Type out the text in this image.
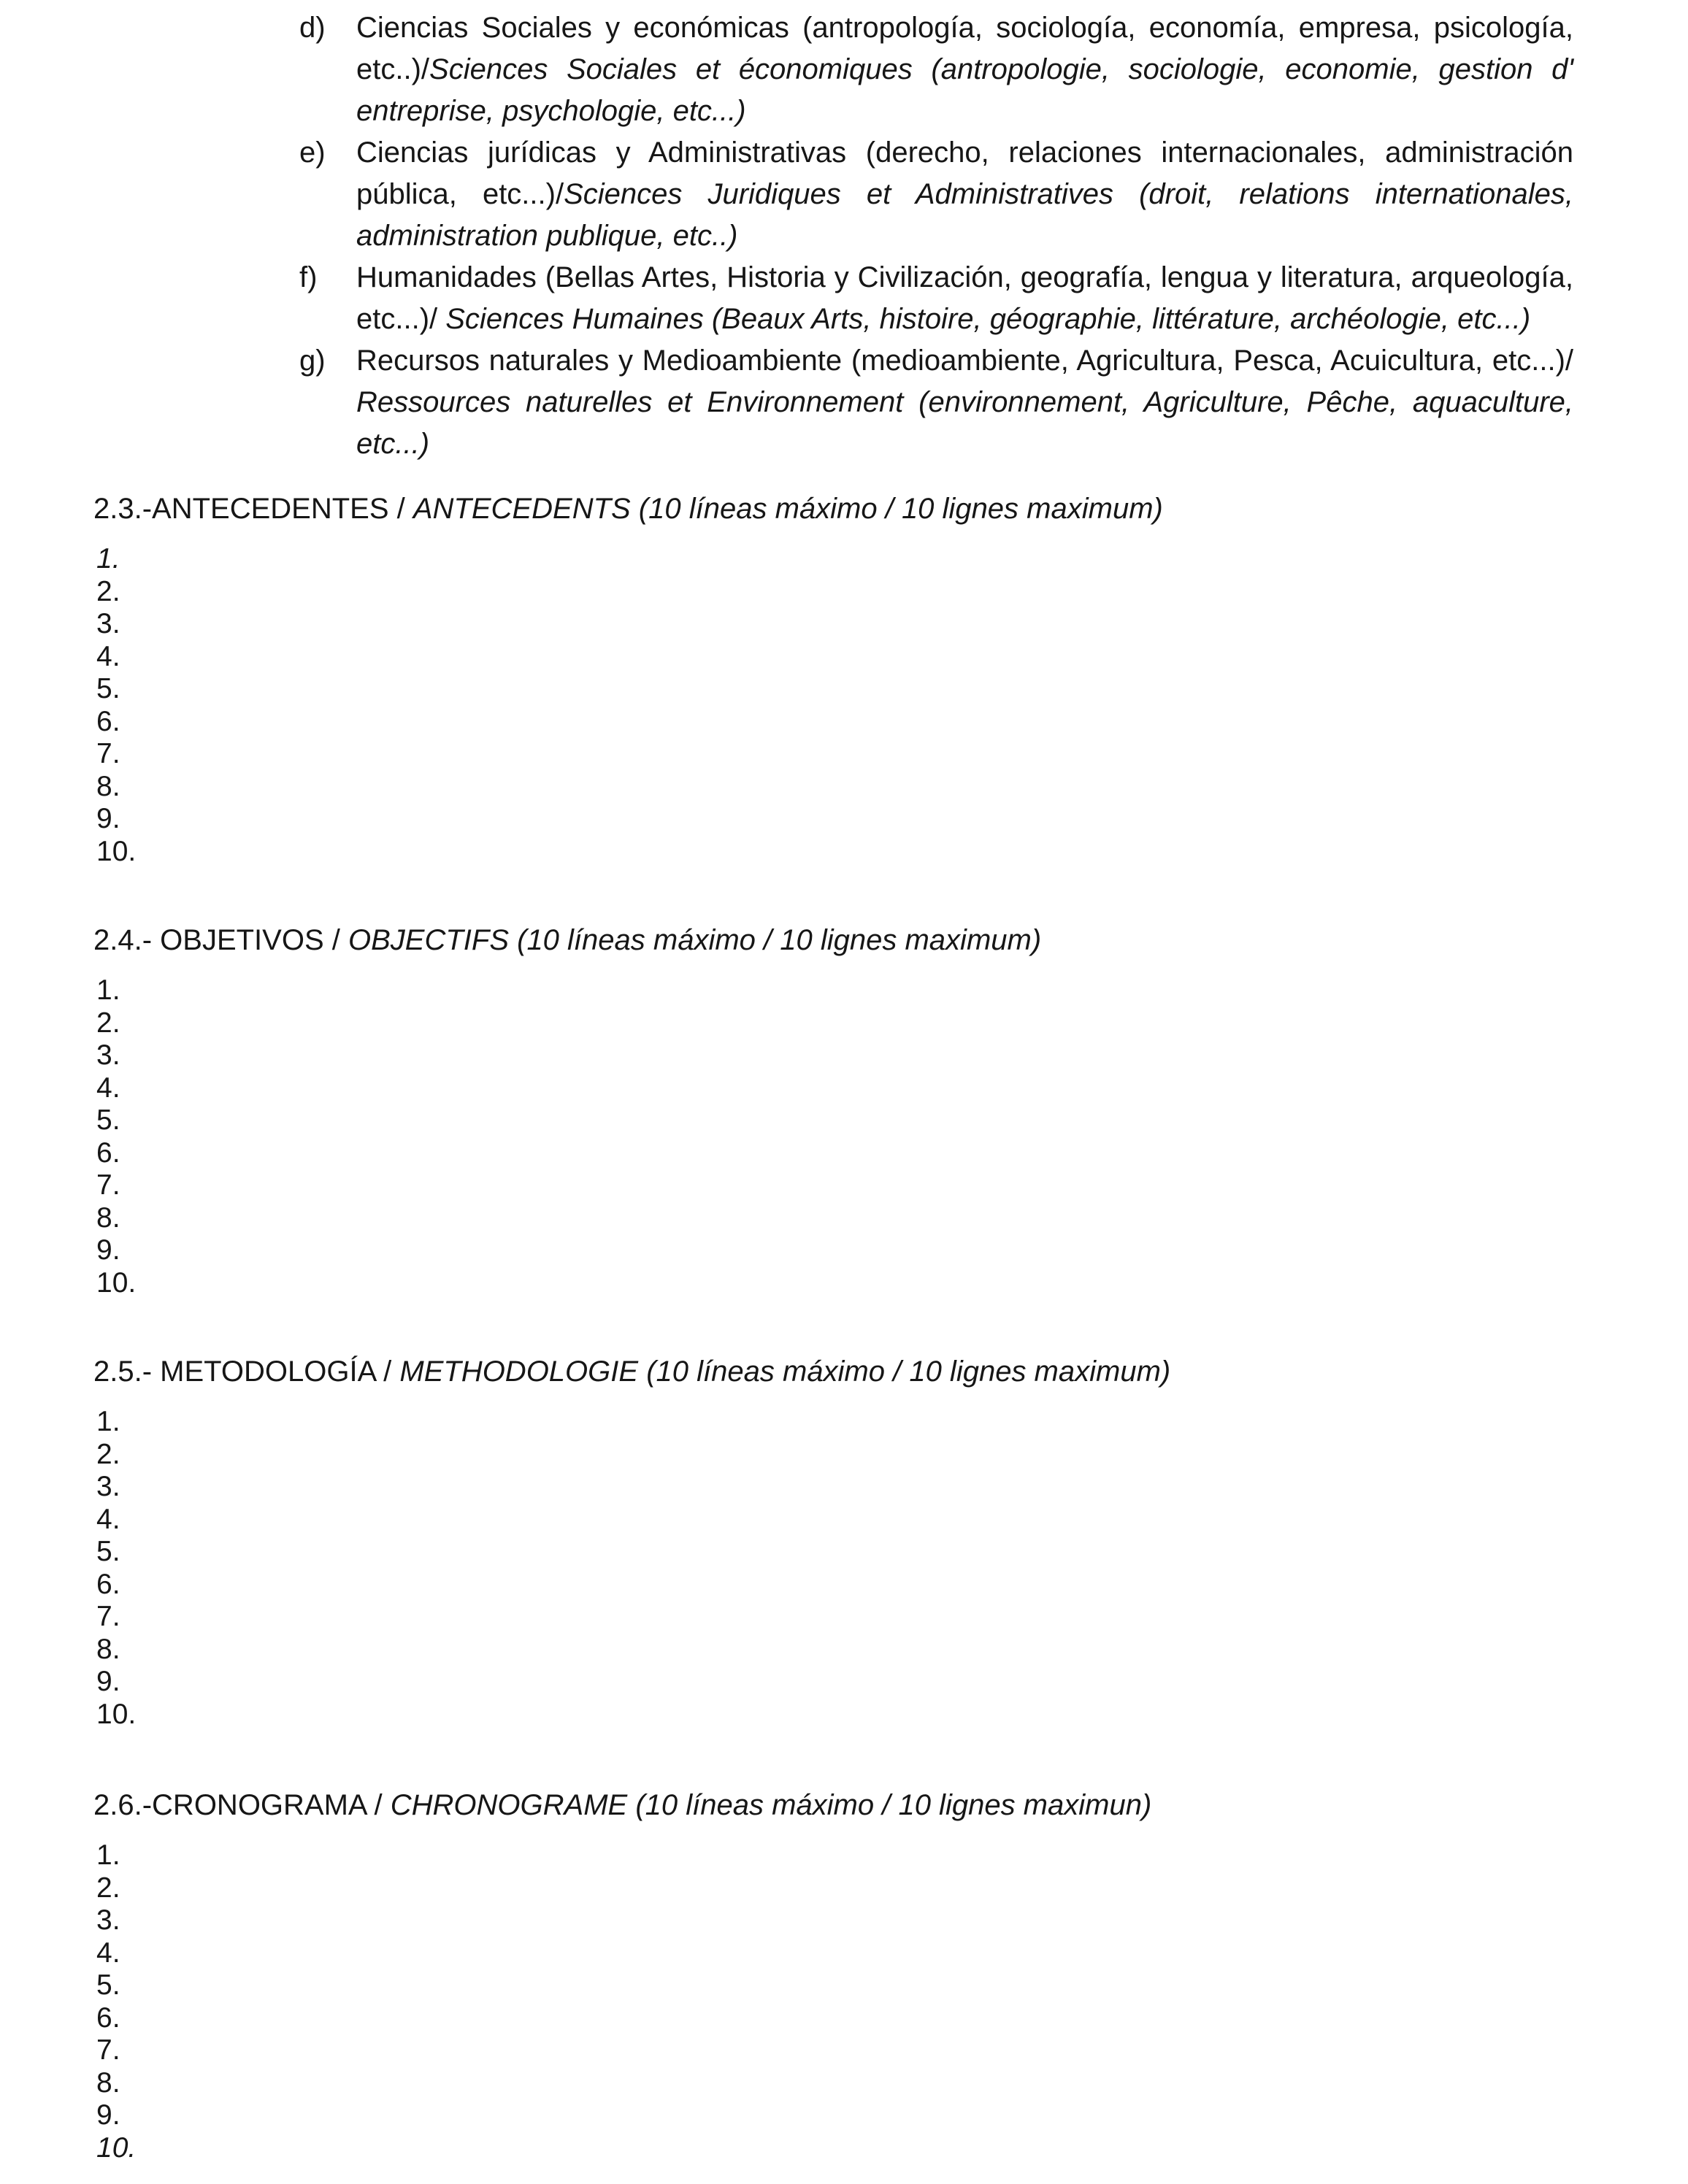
d) Ciencias Sociales y económicas (antropología, sociología, economía, empresa, psicología, etc..)/Sciences Sociales et économiques (antropologie, sociologie, economie, gestion d' entreprise, psychologie, etc...)
e) Ciencias jurídicas y Administrativas (derecho, relaciones internacionales, administración pública, etc...)/Sciences Juridiques et Administratives (droit, relations internationales, administration publique, etc..)
f) Humanidades (Bellas Artes, Historia y Civilización, geografía, lengua y literatura, arqueología, etc...)/ Sciences Humaines (Beaux Arts, histoire, géographie, littérature, archéologie, etc...)
g) Recursos naturales y Medioambiente (medioambiente, Agricultura, Pesca, Acuicultura, etc...)/ Ressources naturelles et Environnement (environnement, Agriculture, Pêche, aquaculture, etc...)
2.3.-ANTECEDENTES / ANTECEDENTS (10 líneas máximo / 10 lignes maximum)
1.
2.
3.
4.
5.
6.
7.
8.
9.
10.
2.4.- OBJETIVOS / OBJECTIFS (10 líneas máximo / 10 lignes maximum)
1.
2.
3.
4.
5.
6.
7.
8.
9.
10.
2.5.- METODOLOGÍA / METHODOLOGIE (10 líneas máximo / 10 lignes maximum)
1.
2.
3.
4.
5.
6.
7.
8.
9.
10.
2.6.-CRONOGRAMA / CHRONOGRAME (10 líneas máximo / 10 lignes maximun)
1.
2.
3.
4.
5.
6.
7.
8.
9.
10.
